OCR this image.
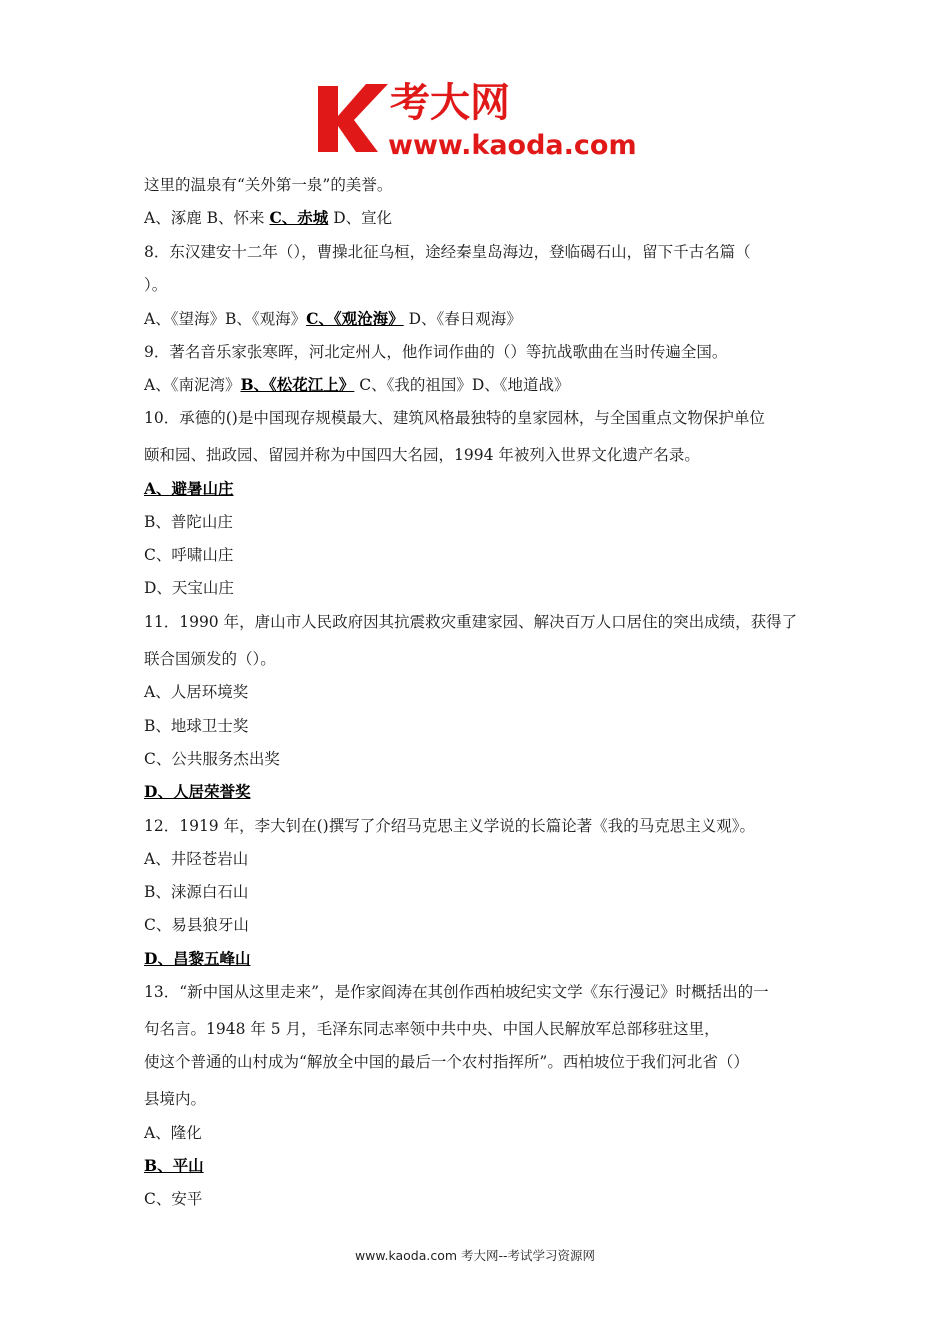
考大网
www.kaoda.com
这里的温泉有“关外第一泉”的美誉。
A、涿鹿 B、怀来 C、赤城 D、宣化
8．东汉建安十二年（），曹操北征乌桓，途经秦皇岛海边，登临碣石山，留下千古名篇（
）。
A、《望海》B、《观海》C、《观沧海》 D、《春日观海》
9．著名音乐家张寒晖，河北定州人，他作词作曲的（）等抗战歌曲在当时传遍全国。
A、《南泥湾》B、《松花江上》 C、《我的祖国》D、《地道战》
10．承德的()是中国现存规模最大、建筑风格最独特的皇家园林，与全国重点文物保护单位
颐和园、拙政园、留园并称为中国四大名园，1994 年被列入世界文化遗产名录。
A、避暑山庄
B、普陀山庄
C、呼啸山庄
D、天宝山庄
11．1990 年，唐山市人民政府因其抗震救灾重建家园、解决百万人口居住的突出成绩，获得了
联合国颁发的（）。
A、人居环境奖
B、地球卫士奖
C、公共服务杰出奖
D、人居荣誉奖
12．1919 年，李大钊在()撰写了介绍马克思主义学说的长篇论著《我的马克思主义观》。
A、井陉苍岩山
B、涞源白石山
C、易县狼牙山
D、昌黎五峰山
13．“新中国从这里走来”，是作家阎涛在其创作西柏坡纪实文学《东行漫记》时概括出的一
句名言。1948 年 5 月，毛泽东同志率领中共中央、中国人民解放军总部移驻这里，
使这个普通的山村成为“解放全中国的最后一个农村指挥所”。西柏坡位于我们河北省（）
县境内。
A、隆化
B、平山
C、安平
www.kaoda.com 考大网--考试学习资源网
